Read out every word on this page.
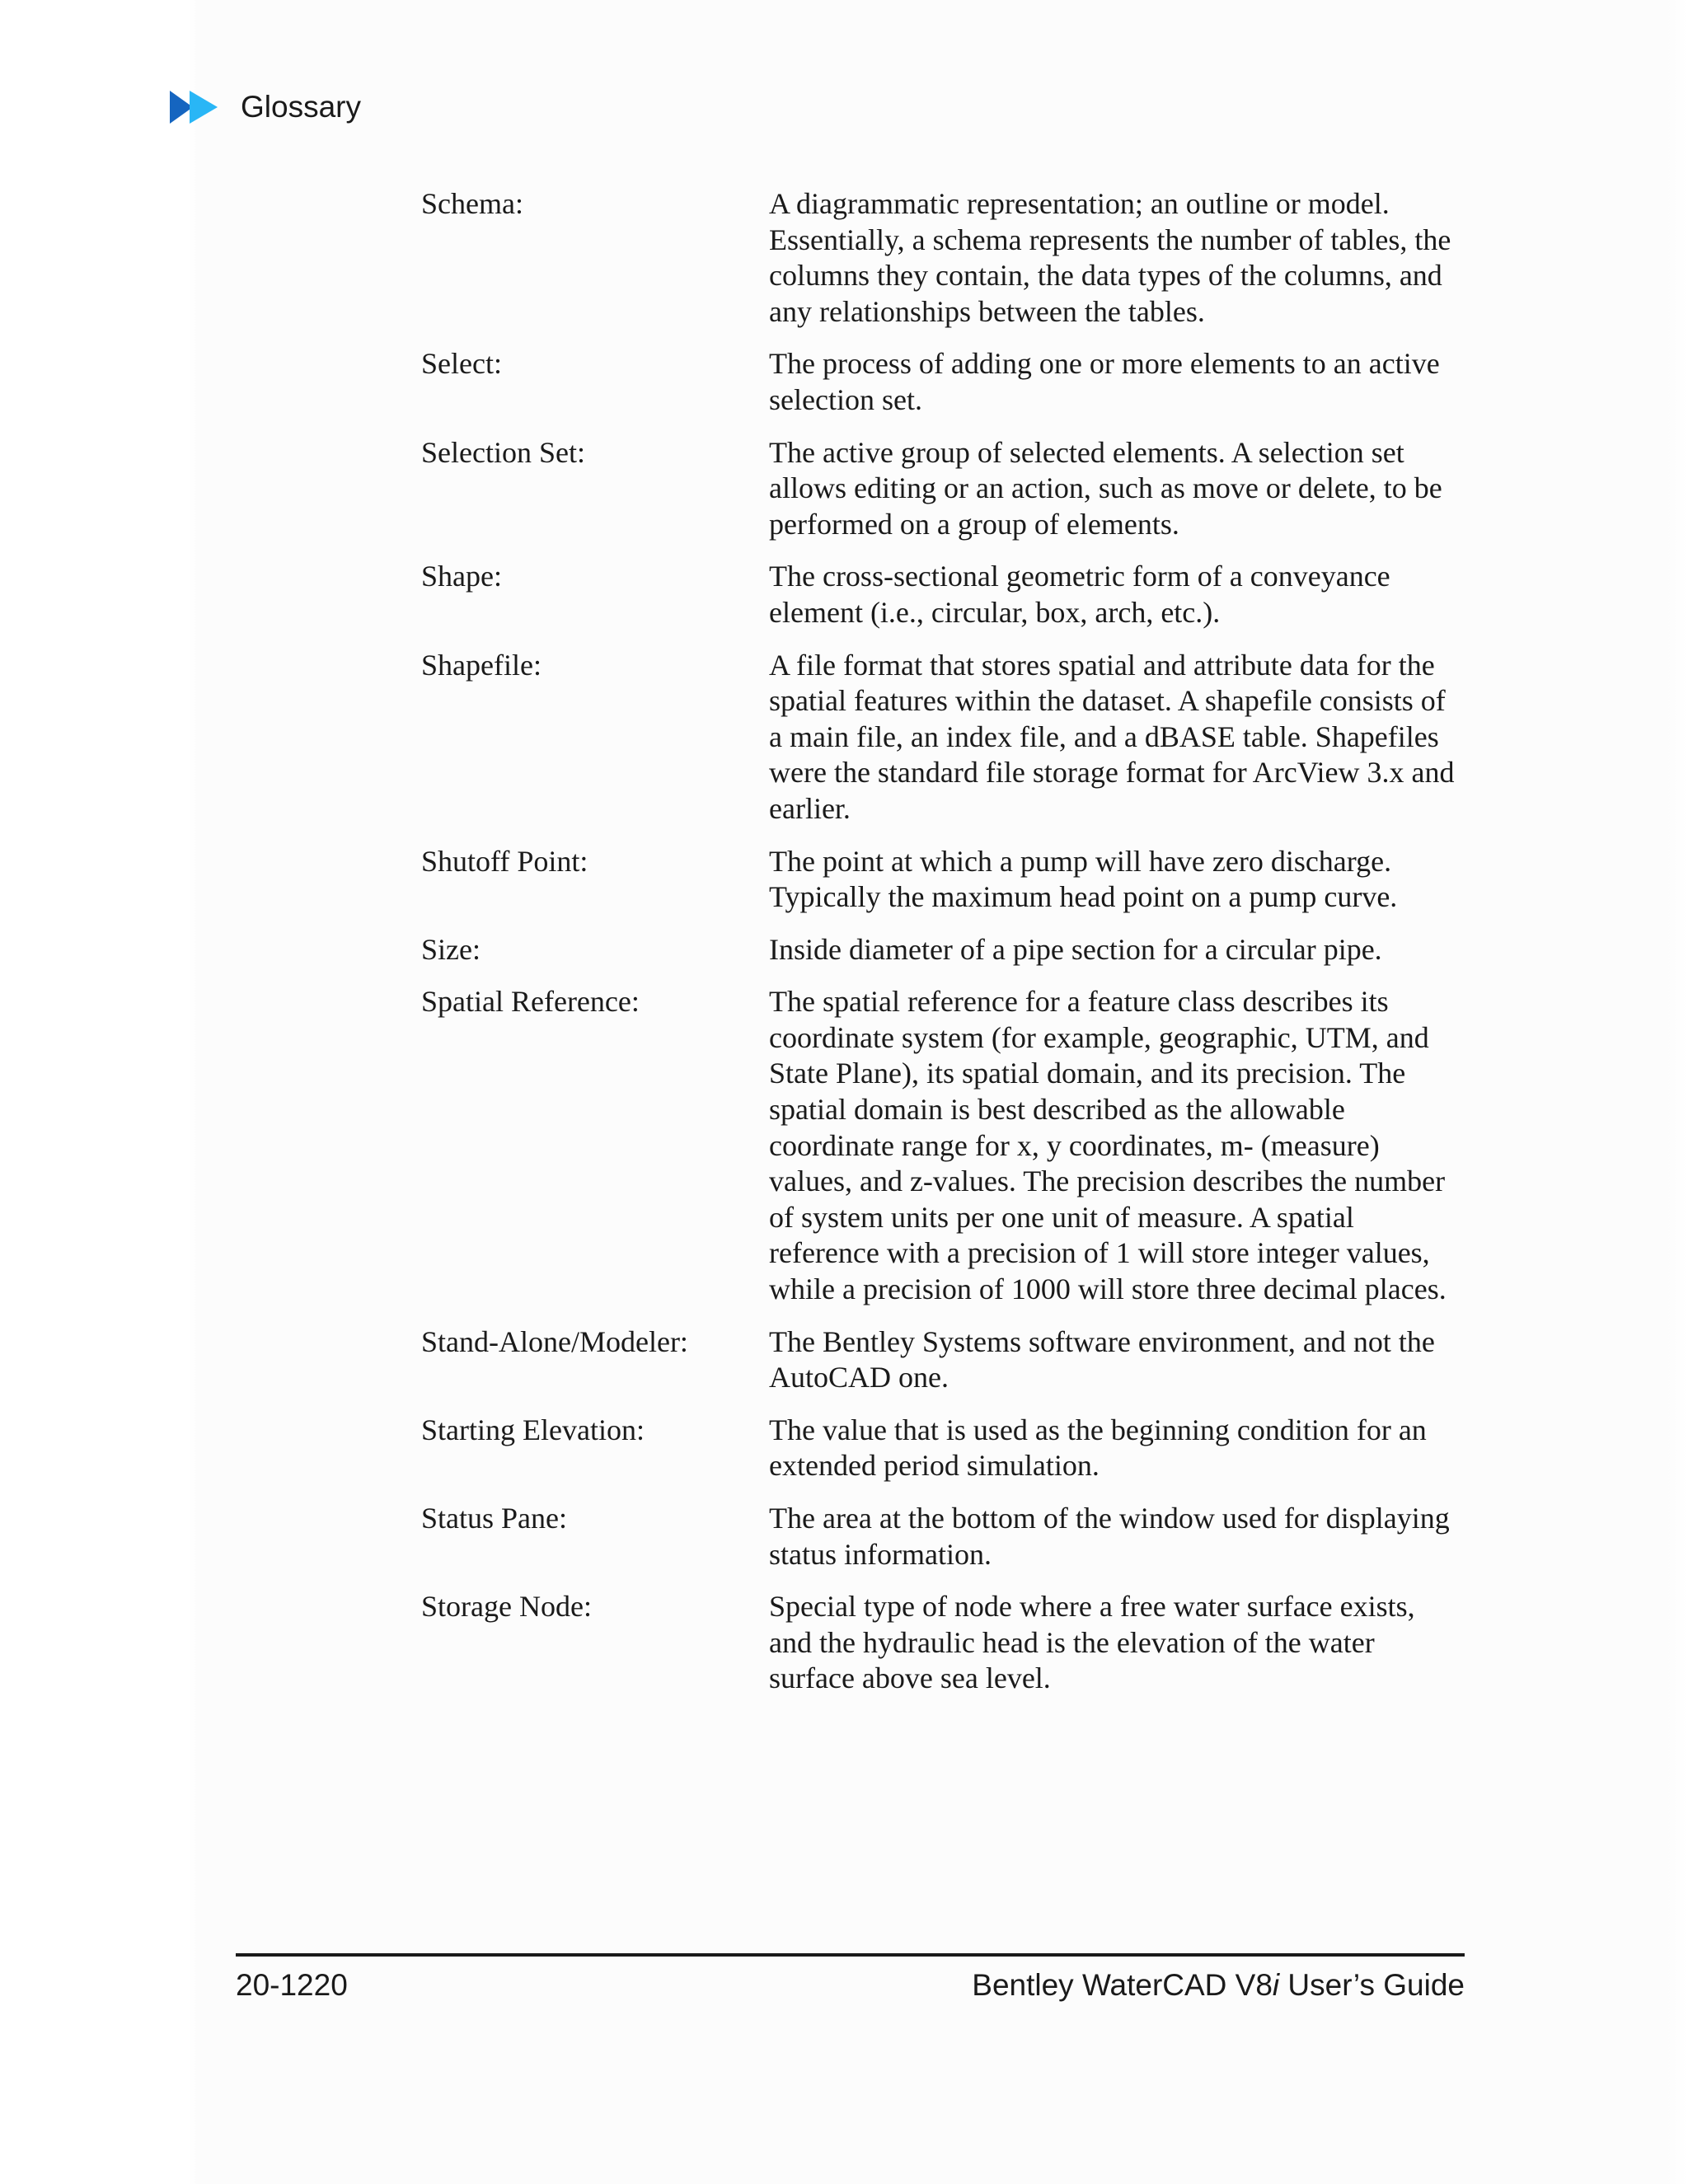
Glossary
Schema:	A diagrammatic representation; an outline or model. Essentially, a schema represents the number of tables, the columns they contain, the data types of the columns, and any relationships between the tables.
Select:	The process of adding one or more elements to an active selection set.
Selection Set:	The active group of selected elements. A selection set allows editing or an action, such as move or delete, to be performed on a group of elements.
Shape:	The cross-sectional geometric form of a conveyance element (i.e., circular, box, arch, etc.).
Shapefile:	A file format that stores spatial and attribute data for the spatial features within the dataset. A shapefile consists of a main file, an index file, and a dBASE table. Shapefiles were the standard file storage format for ArcView 3.x and earlier.
Shutoff Point:	The point at which a pump will have zero discharge. Typically the maximum head point on a pump curve.
Size:	Inside diameter of a pipe section for a circular pipe.
Spatial Reference:	The spatial reference for a feature class describes its coordinate system (for example, geographic, UTM, and State Plane), its spatial domain, and its precision. The spatial domain is best described as the allowable coordinate range for x, y coordinates, m- (measure) values, and z-values. The precision describes the number of system units per one unit of measure. A spatial reference with a precision of 1 will store integer values, while a precision of 1000 will store three decimal places.
Stand-Alone/Modeler:	The Bentley Systems software environment, and not the AutoCAD one.
Starting Elevation:	The value that is used as the beginning condition for an extended period simulation.
Status Pane:	The area at the bottom of the window used for displaying status information.
Storage Node:	Special type of node where a free water surface exists, and the hydraulic head is the elevation of the water surface above sea level.
20-1220	Bentley WaterCAD V8i User’s Guide
